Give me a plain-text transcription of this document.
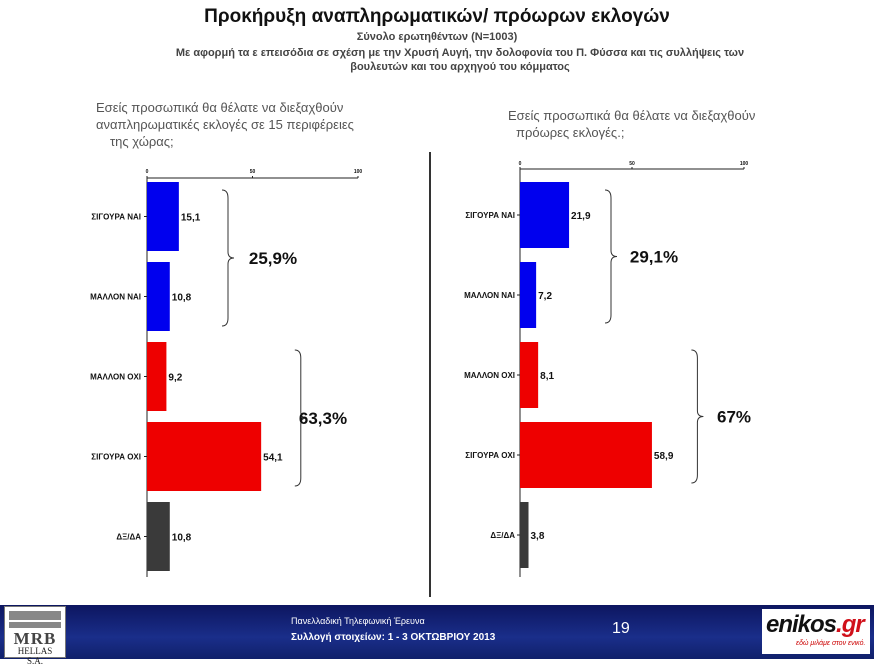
Προκήρυξη αναπληρωματικών/ πρόωρων εκλογών
Σύνολο ερωτηθέντων (N=1003)
Με αφορμή τα ε επεισόδια σε σχέση με την Χρυσή Αυγή, την δολοφονία του Π. Φύσσα και τις συλλήψεις των
βουλευτών και του αρχηγού του κόμματος
Εσείς προσωπικά θα θέλατε να διεξαχθούν
αναπληρωματικές εκλογές σε 15 περιφέρειες
της χώρας;
Εσείς προσωπικά θα θέλατε να διεξαχθούν
πρόωρες εκλογές.;
0	50	100
ΣΙΓΟΥΡΑ ΝΑΙ	15,1
ΜΑΛΛΟΝ ΝΑΙ	10,8
ΜΑΛΛΟΝ ΟΧΙ	9,2
ΣΙΓΟΥΡΑ ΟΧΙ	54,1
ΔΞ/ΔΑ	10,8
25,9%
63,3%
0	50	100
ΣΙΓΟΥΡΑ ΝΑΙ	21,9
ΜΑΛΛΟΝ ΝΑΙ 7,2
ΜΑΛΛΟΝ ΟΧΙ	8,1
ΣΙΓΟΥΡΑ ΟΧΙ	58,9
ΔΞ/ΔΑ 3,8
29,1%
67%
MRB
HELLAS S.A.
Πανελλαδική Τηλεφωνική Έρευνα
Συλλογή στοιχείων: 1 - 3 ΟΚΤΩΒΡΙΟΥ 2013
19	enikos.gr
εδώ μιλάμε στον ενικό.
